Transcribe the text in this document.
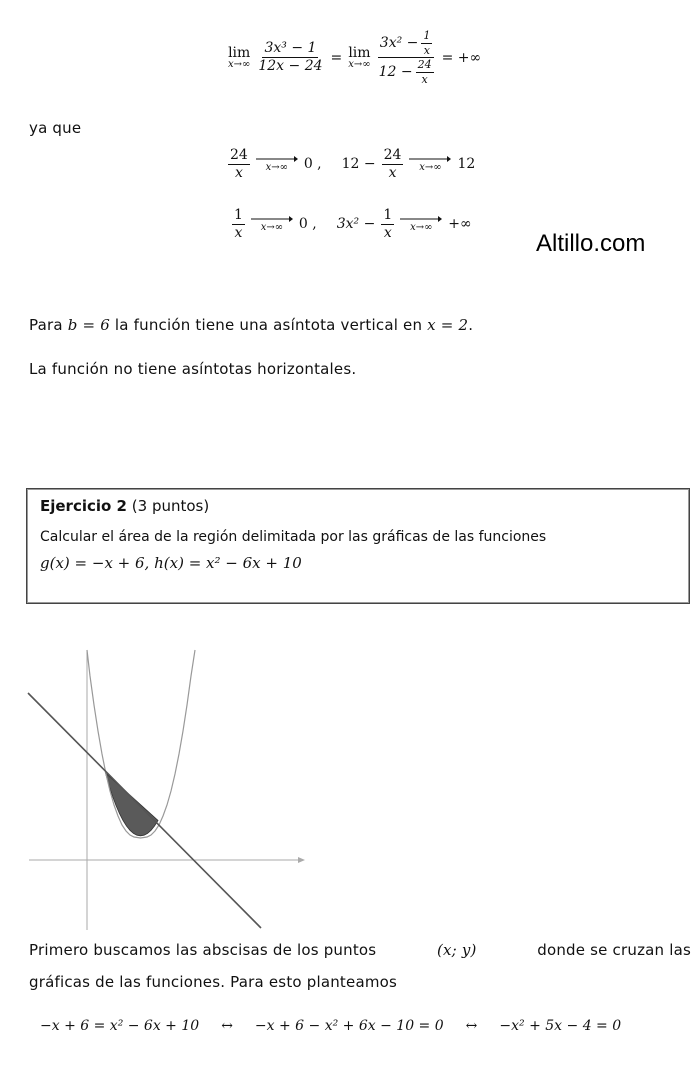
lim
$x\to\infty \frac{\text{3x³ − 1}}{12x - 24} = \lim$
$x\to\infty \frac{3x^2 - \frac{1}{x}}{12 - \frac{24}{x}}$ = +∞
ya que
$\frac{24}{x} x\to\infty$ 0 , $12 - \frac{24}{x} x\to\infty$ 12
$\frac{1}{x} x\to\infty$ 0 , $3x^2 - \frac{1}{x} x\to\infty$ +∞
Altillo.com
Para b = 6 la función tiene una asíntota vertical en x = 2.
La función no tiene asíntotas horizontales.
Ejercicio 2 (3 puntos)
Calcular el área de la región delimitada por las gráficas de las funciones
g(x) = −x + 6, h(x) = x² − 6x + 10
Primero buscamos las abscisas de los puntos	(x; y)	donde se cruzan las
gráficas de las funciones. Para esto planteamos
−x + 6 = x² − 6x + 10 ↔ −x + 6 − x² + 6x − 10 = 0 ↔ −x² + 5x − 4 = 0
